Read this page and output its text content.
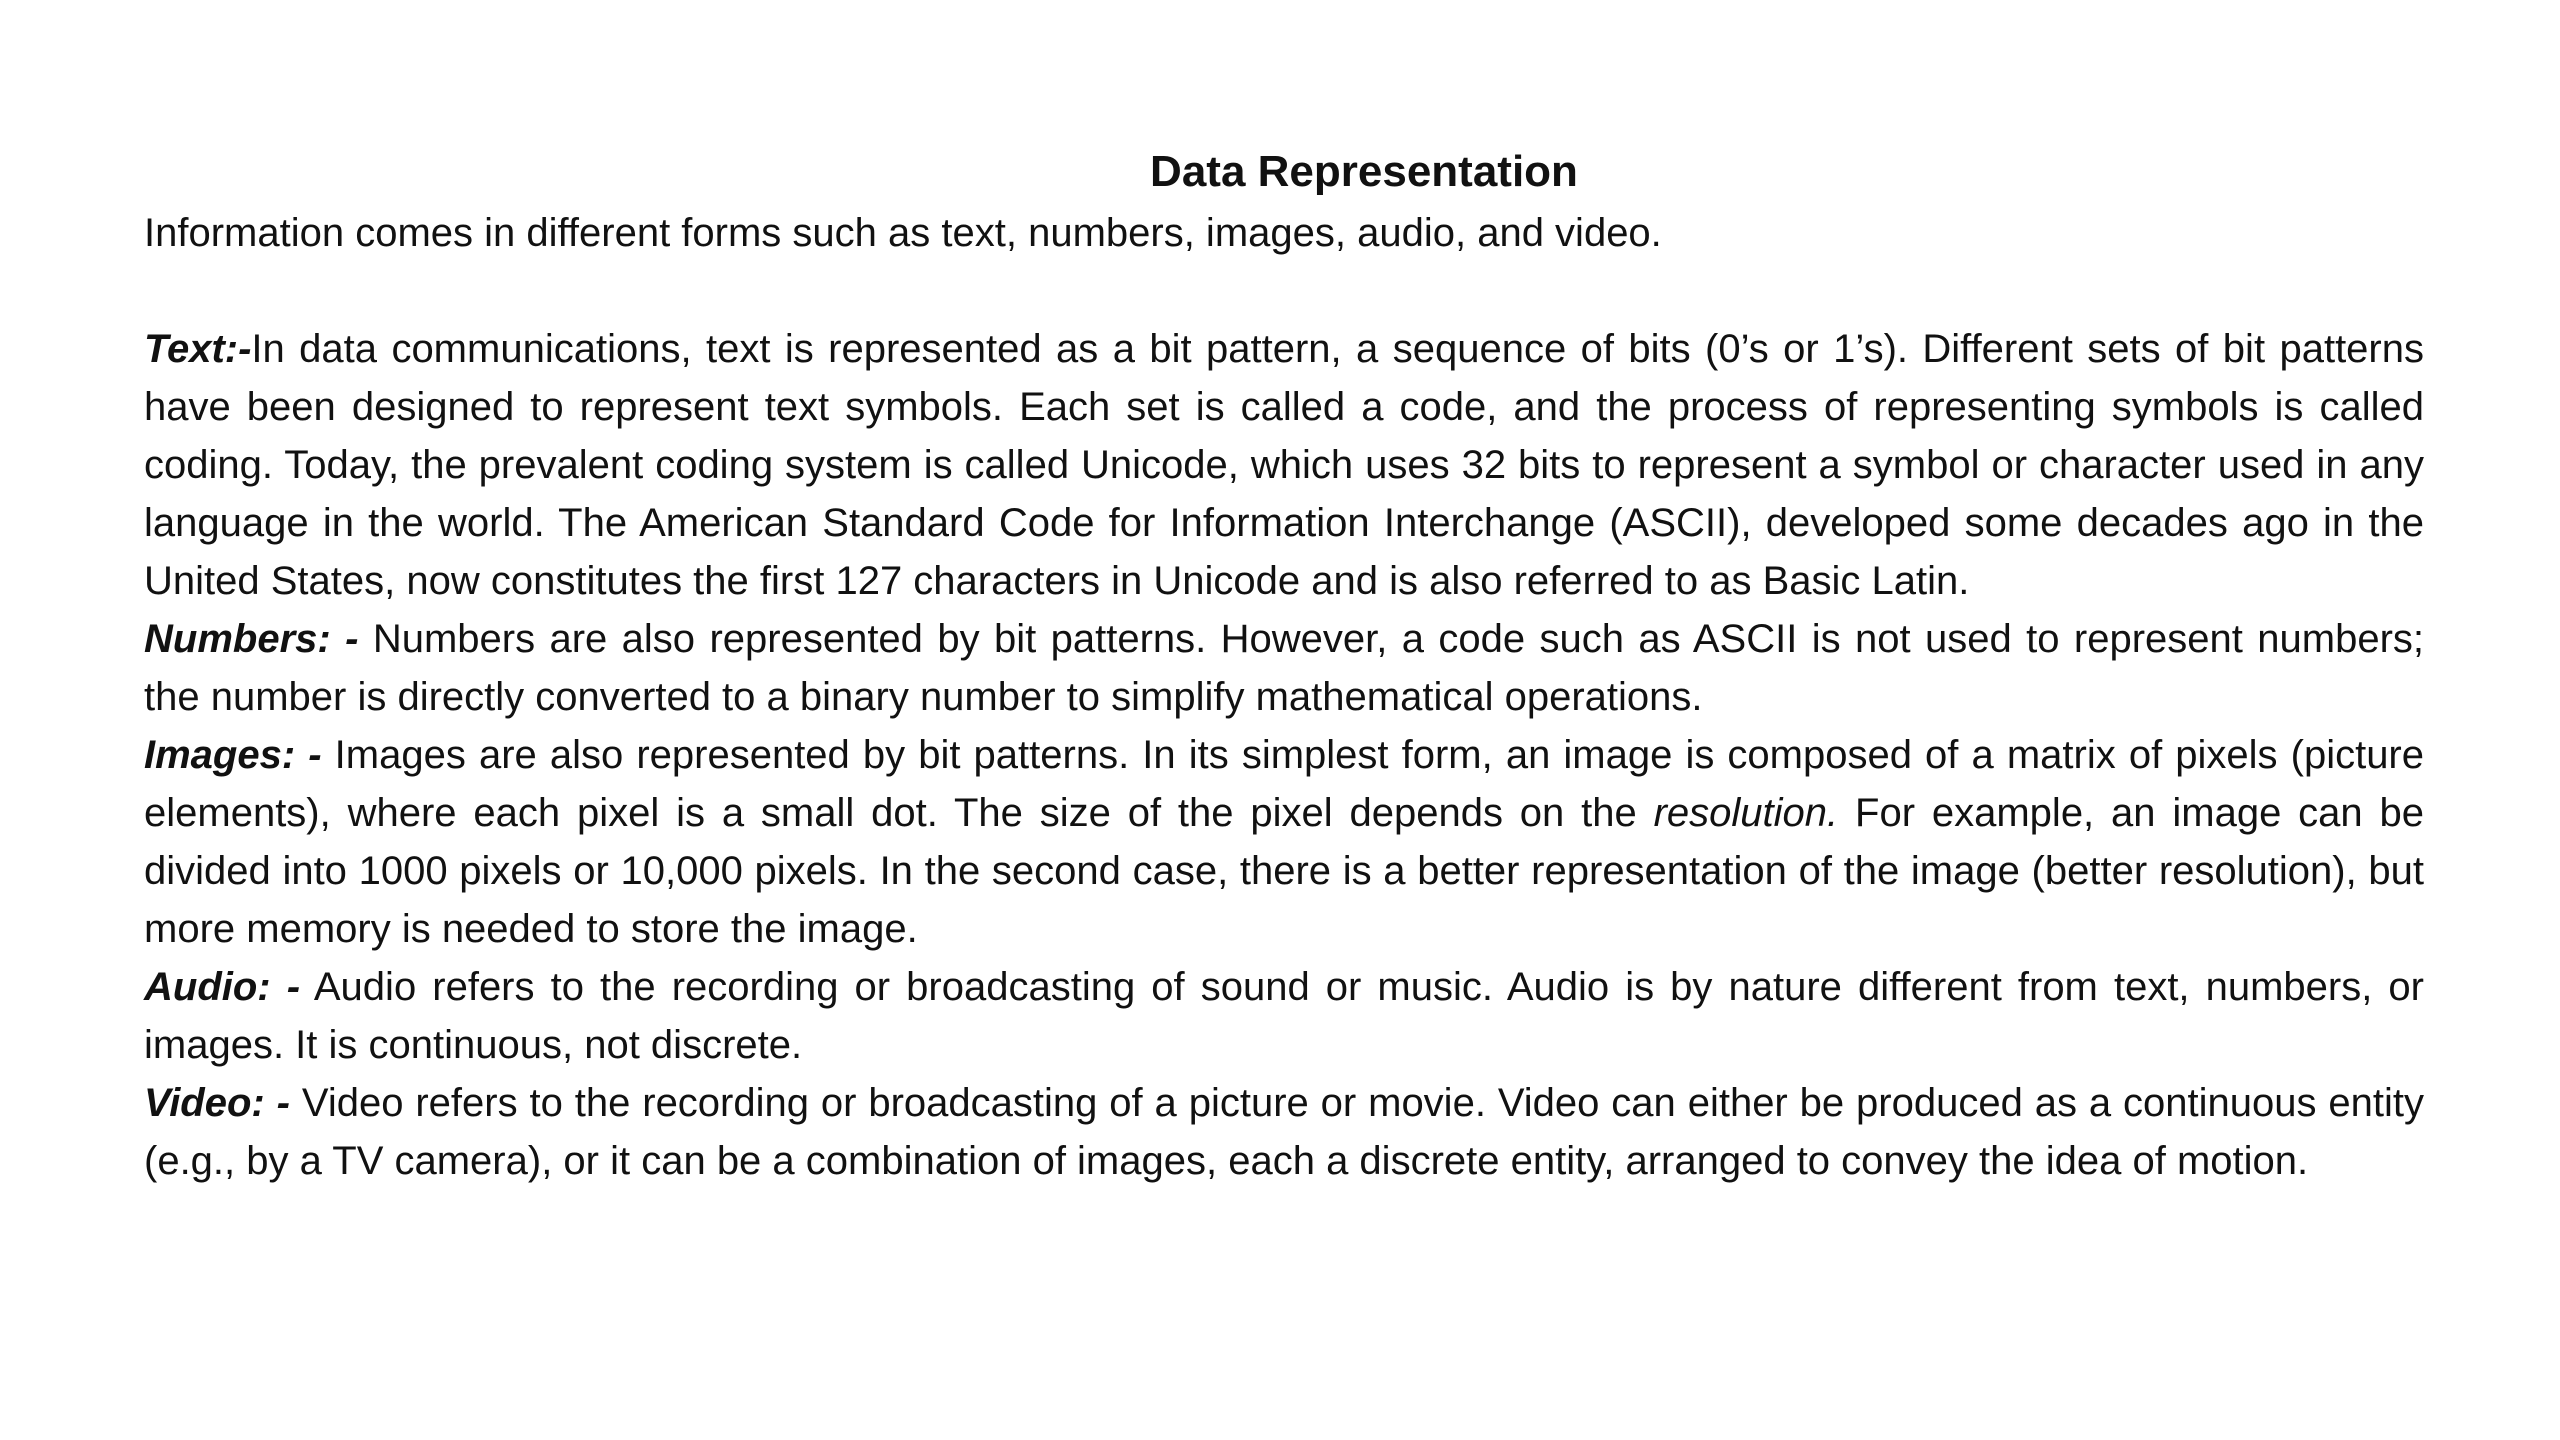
Data Representation

Information comes in different forms such as text, numbers, images, audio, and video.

Text:-In data communications, text is represented as a bit pattern, a sequence of bits (0’s or 1’s). Different sets of bit patterns have been designed to represent text symbols. Each set is called a code, and the process of representing symbols is called coding. Today, the prevalent coding system is called Unicode, which uses 32 bits to represent a symbol or character used in any language in the world. The American Standard Code for Information Interchange (ASCII), developed some decades ago in the United States, now constitutes the first 127 characters in Unicode and is also referred to as Basic Latin.

Numbers: - Numbers are also represented by bit patterns. However, a code such as ASCII is not used to represent numbers; the number is directly converted to a binary number to simplify mathematical operations.

Images: - Images are also represented by bit patterns. In its simplest form, an image is composed of a matrix of pixels (picture elements), where each pixel is a small dot. The size of the pixel depends on the resolution. For example, an image can be divided into 1000 pixels or 10,000 pixels. In the second case, there is a better representation of the image (better resolution), but more memory is needed to store the image.

Audio: - Audio refers to the recording or broadcasting of sound or music. Audio is by nature different from text, numbers, or images. It is continuous, not discrete.

Video: - Video refers to the recording or broadcasting of a picture or movie. Video can either be produced as a continuous entity (e.g., by a TV camera), or it can be a combination of images, each a discrete entity, arranged to convey the idea of motion.
